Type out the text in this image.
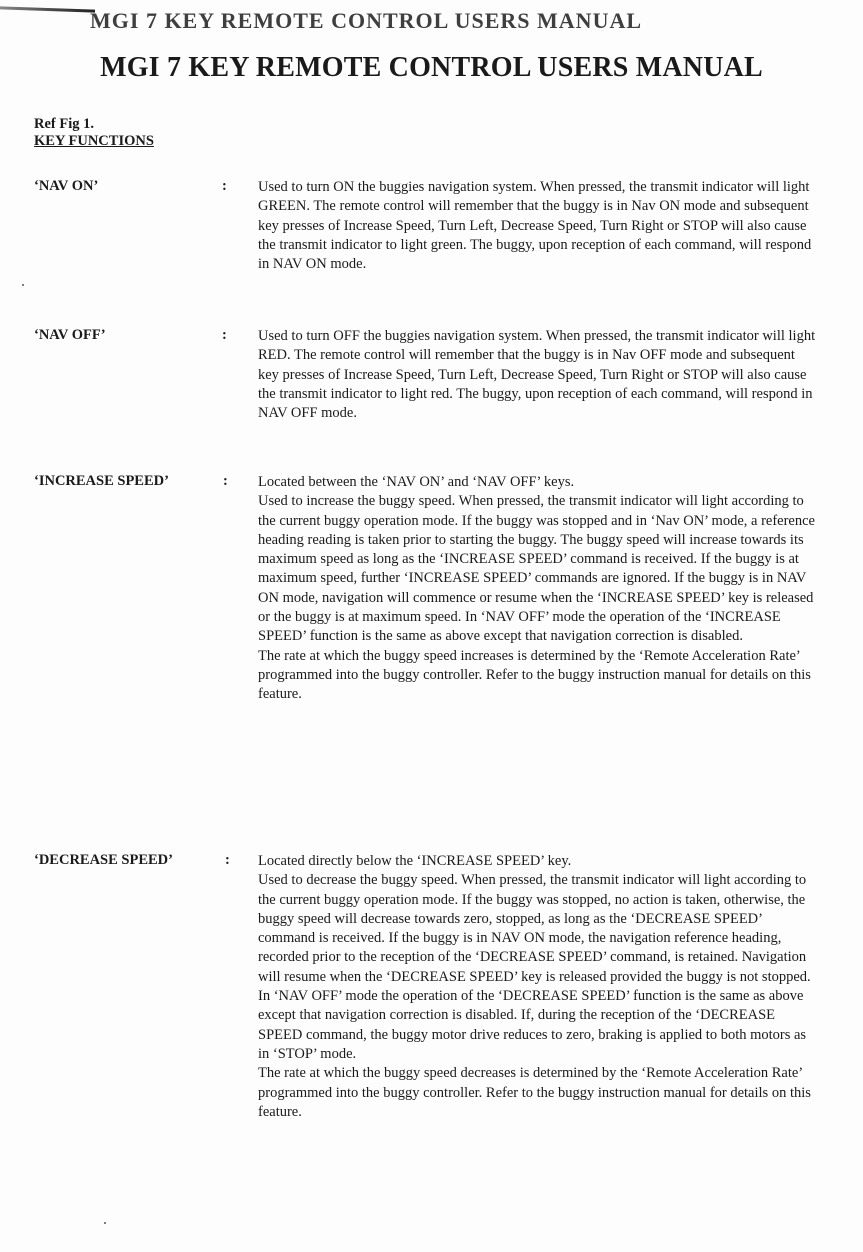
MGI 7 KEY REMOTE CONTROL USERS MANUAL
MGI 7 KEY REMOTE CONTROL USERS MANUAL
Ref Fig 1.
KEY FUNCTIONS
‘NAV ON’	: Used to turn ON the buggies navigation system. When pressed, the transmit indicator will light GREEN. The remote control will remember that the buggy is in Nav ON mode and subsequent key presses of Increase Speed, Turn Left, Decrease Speed, Turn Right or STOP will also cause the transmit indicator to light green. The buggy, upon reception of each command, will respond in NAV ON mode.

‘NAV OFF’	: Used to turn OFF the buggies navigation system. When pressed, the transmit indicator will light RED. The remote control will remember that the buggy is in Nav OFF mode and subsequent key presses of Increase Speed, Turn Left, Decrease Speed, Turn Right or STOP will also cause the transmit indicator to light red. The buggy, upon reception of each command, will respond in NAV OFF mode.

‘INCREASE SPEED’	: Located between the ‘NAV ON’ and ‘NAV OFF’ keys.

Used to increase the buggy speed. When pressed, the transmit indicator will light according to the current buggy operation mode. If the buggy was stopped and in ‘Nav ON’ mode, a reference heading reading is taken prior to starting the buggy. The buggy speed will increase towards its maximum speed as long as the ‘INCREASE SPEED’ command is received. If the buggy is at maximum speed, further ‘INCREASE SPEED’ commands are ignored. If the buggy is in NAV ON mode, navigation will commence or resume when the ‘INCREASE SPEED’ key is released or the buggy is at maximum speed. In ‘NAV OFF’ mode the operation of the ‘INCREASE SPEED’ function is the same as above except that navigation correction is disabled.

The rate at which the buggy speed increases is determined by the ‘Remote Acceleration Rate’ programmed into the buggy controller. Refer to the buggy instruction manual for details on this feature.

‘DECREASE SPEED’	: Located directly below the ‘INCREASE SPEED’ key.

Used to decrease the buggy speed. When pressed, the transmit indicator will light according to the current buggy operation mode. If the buggy was stopped, no action is taken, otherwise, the buggy speed will decrease towards zero, stopped, as long as the ‘DECREASE SPEED’ command is received. If the buggy is in NAV ON mode, the navigation reference heading, recorded prior to the reception of the ‘DECREASE SPEED’ command, is retained. Navigation will resume when the ‘DECREASE SPEED’ key is released provided the buggy is not stopped. In ‘NAV OFF’ mode the operation of the ‘DECREASE SPEED’ function is the same as above except that navigation correction is disabled. If, during the reception of the ‘DECREASE SPEED command, the buggy motor drive reduces to zero, braking is applied to both motors as in ‘STOP’ mode.

The rate at which the buggy speed decreases is determined by the ‘Remote Acceleration Rate’ programmed into the buggy controller. Refer to the buggy instruction manual for details on this feature.
